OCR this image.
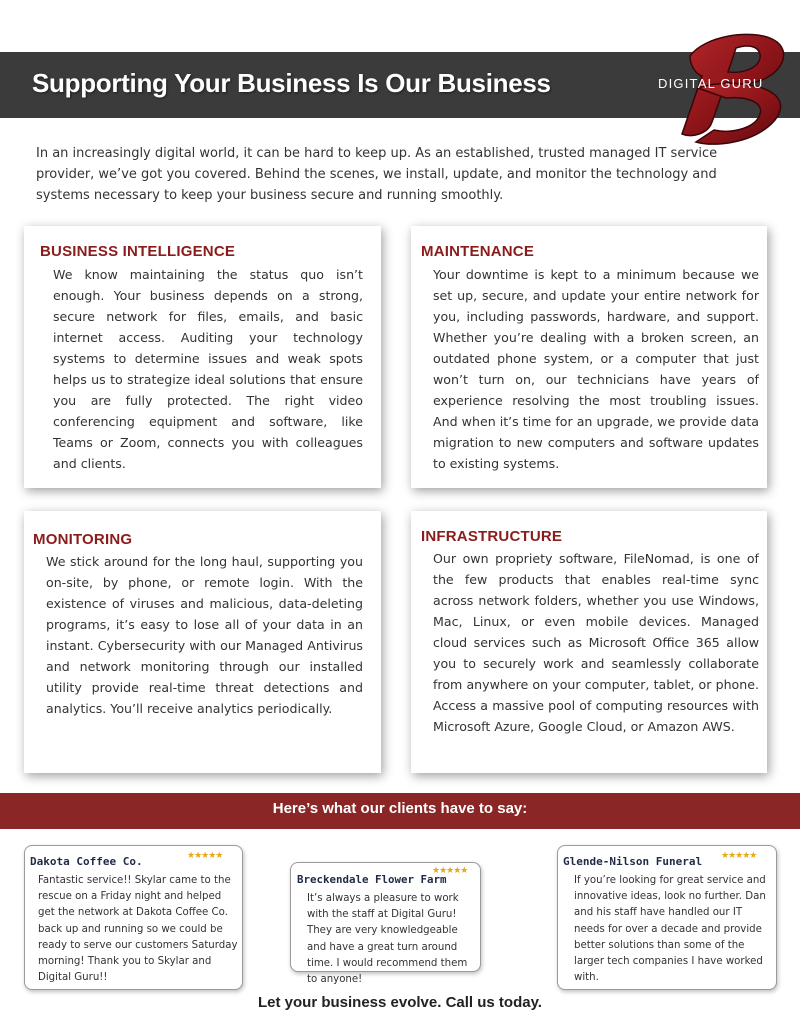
Supporting Your Business Is Our Business	DIGITAL GURU

In an increasingly digital world, it can be hard to keep up. As an established, trusted managed IT service provider, we’ve got you covered. Behind the scenes, we install, update, and monitor the technology and systems necessary to keep your business secure and running smoothly.

BUSINESS INTELLIGENCE
We know maintaining the status quo isn’t enough. Your business depends on a strong, secure network for files, emails, and basic internet access. Auditing your technology systems to determine issues and weak spots helps us to strategize ideal solutions that ensure you are fully protected. The right video conferencing equipment and software, like Teams or Zoom, connects you with colleagues and clients.
MAINTENANCE
Your downtime is kept to a minimum because we set up, secure, and update your entire network for you, including passwords, hardware, and support. Whether you’re dealing with a broken screen, an outdated phone system, or a computer that just won’t turn on, our technicians have years of experience resolving the most troubling issues. And when it’s time for an upgrade, we provide data migration to new computers and software updates to existing systems.
MONITORING
We stick around for the long haul, supporting you on-site, by phone, or remote login. With the existence of viruses and malicious, data-deleting programs, it’s easy to lose all of your data in an instant. Cybersecurity with our Managed Antivirus and network monitoring through our installed utility provide real-time threat detections and analytics. You’ll receive analytics periodically.
INFRASTRUCTURE
Our own propriety software, FileNomad, is one of the few products that enables real-time sync across network folders, whether you use Windows, Mac, Linux, or even mobile devices. Managed cloud services such as Microsoft Office 365 allow you to securely work and seamlessly collaborate from anywhere on your computer, tablet, or phone. Access a massive pool of computing resources with Microsoft Azure, Google Cloud, or Amazon AWS.
Here’s what our clients have to say:
Dakota Coffee Co.	★★★★★
Fantastic service!! Skylar came to the rescue on a Friday night and helped get the network at Dakota Coffee Co. back up and running so we could be ready to serve our customers Saturday morning! Thank you to Skylar and Digital Guru!!
Breckendale Flower Farm
★★★★★
It’s always a pleasure to work with the staff at Digital Guru! They are very knowledgeable and have a great turn around time. I would recommend them to anyone!
Glende-Nilson Funeral ★★★★★
If you’re looking for great service and innovative ideas, look no further. Dan and his staff have handled our IT needs for over a decade and provide better solutions than some of the larger tech companies I have worked with.
Let your business evolve. Call us today.
